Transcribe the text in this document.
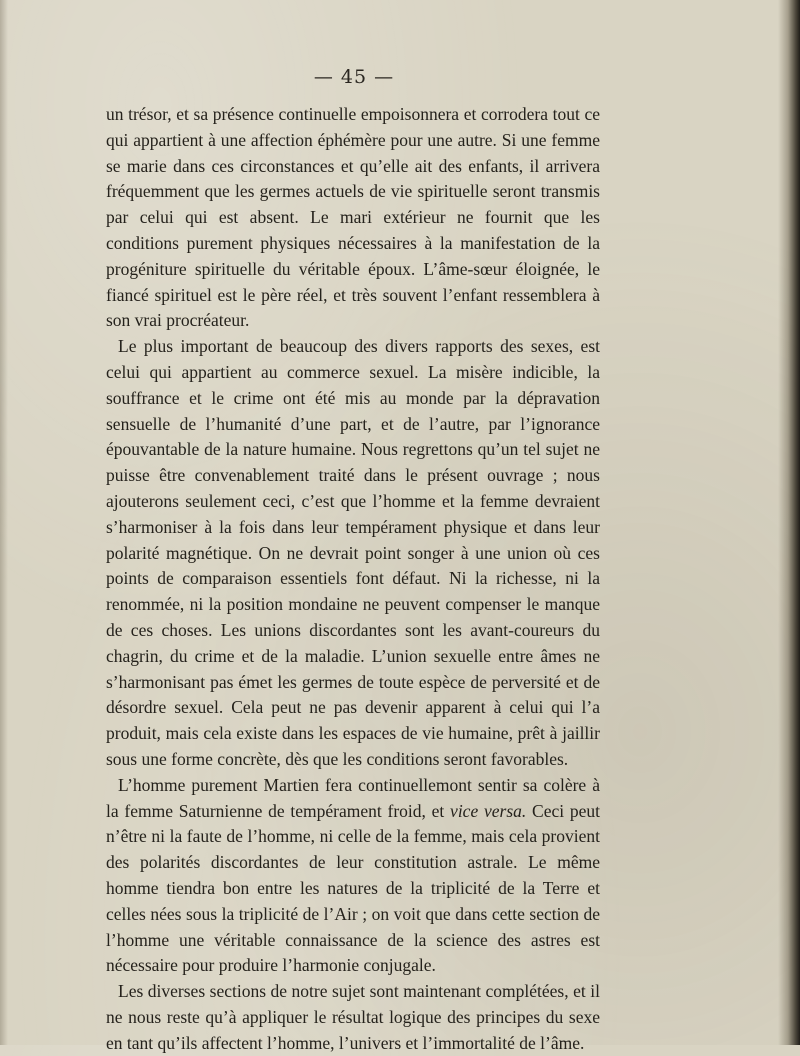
— 45 —

un trésor, et sa présence continuelle empoisonnera et corrodera tout ce qui appartient à une affection éphémère pour une autre. Si une femme se marie dans ces circonstances et qu’elle ait des enfants, il arrivera fréquemment que les germes actuels de vie spirituelle seront transmis par celui qui est absent. Le mari extérieur ne fournit que les conditions purement physiques nécessaires à la manifestation de la progéniture spirituelle du véritable époux. L’âme-sœur éloignée, le fiancé spirituel est le père réel, et très souvent l’enfant ressemblera à son vrai procréateur.

Le plus important de beaucoup des divers rapports des sexes, est celui qui appartient au commerce sexuel. La misère indicible, la souffrance et le crime ont été mis au monde par la dépravation sensuelle de l’humanité d’une part, et de l’autre, par l’ignorance épouvantable de la nature humaine. Nous regrettons qu’un tel sujet ne puisse être convenablement traité dans le présent ouvrage ; nous ajouterons seulement ceci, c’est que l’homme et la femme devraient s’harmoniser à la fois dans leur tempérament physique et dans leur polarité magnétique. On ne devrait point songer à une union où ces points de comparaison essentiels font défaut. Ni la richesse, ni la renommée, ni la position mondaine ne peuvent compenser le manque de ces choses. Les unions discordantes sont les avant-coureurs du chagrin, du crime et de la maladie. L’union sexuelle entre âmes ne s’harmonisant pas émet les germes de toute espèce de perversité et de désordre sexuel. Cela peut ne pas devenir apparent à celui qui l’a produit, mais cela existe dans les espaces de vie humaine, prêt à jaillir sous une forme concrète, dès que les conditions seront favorables.

L’homme purement Martien fera continuellemont sentir sa colère à la femme Saturnienne de tempérament froid, et vice versa. Ceci peut n’être ni la faute de l’homme, ni celle de la femme, mais cela provient des polarités discordantes de leur constitution astrale. Le même homme tiendra bon entre les natures de la triplicité de la Terre et celles nées sous la triplicité de l’Air ; on voit que dans cette section de l’homme une véritable connaissance de la science des astres est nécessaire pour produire l’harmonie conjugale.

Les diverses sections de notre sujet sont maintenant complétées, et il ne nous reste qu’à appliquer le résultat logique des principes du sexe en tant qu’ils affectent l’homme, l’univers et l’immortalité de l’âme.
